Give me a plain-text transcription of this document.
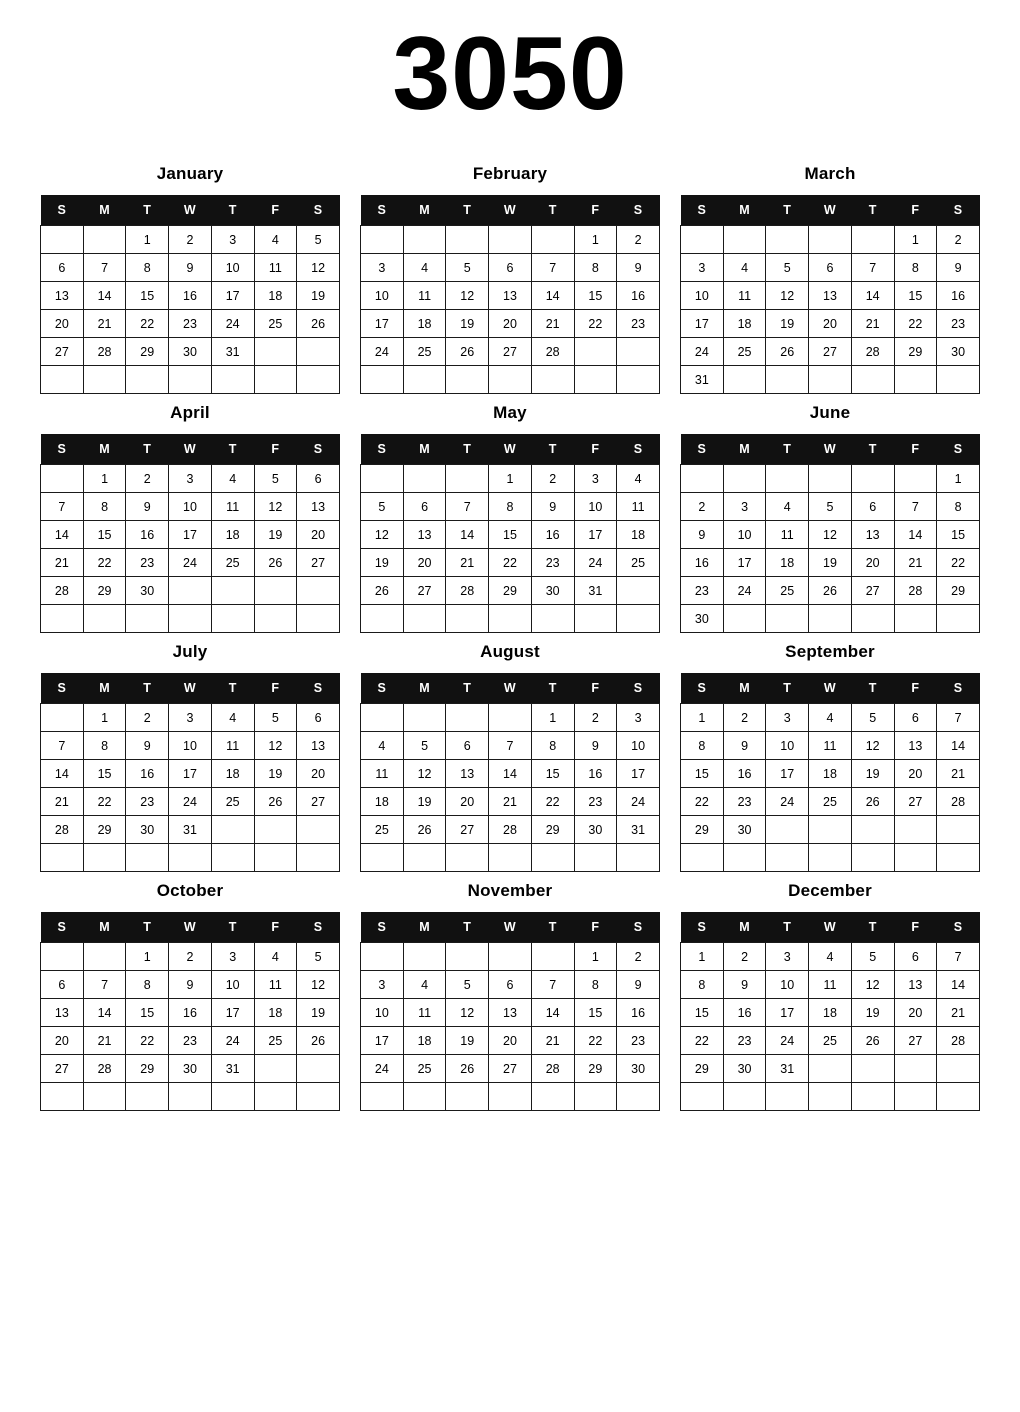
3050
January
S	M	T	W	T	F	S
		1	2	3	4	5
6	7	8	9	10	11	12
13	14	15	16	17	18	19
20	21	22	23	24	25	26
27	28	29	30	31		

February
S	M	T	W	T	F	S
					1	2
3	4	5	6	7	8	9
10	11	12	13	14	15	16
17	18	19	20	21	22	23
24	25	26	27	28		

March
S	M	T	W	T	F	S
					1	2
3	4	5	6	7	8	9
10	11	12	13	14	15	16
17	18	19	20	21	22	23
24	25	26	27	28	29	30
31						
April
S	M	T	W	T	F	S
	1	2	3	4	5	6
7	8	9	10	11	12	13
14	15	16	17	18	19	20
21	22	23	24	25	26	27
28	29	30				

May
S	M	T	W	T	F	S
			1	2	3	4
5	6	7	8	9	10	11
12	13	14	15	16	17	18
19	20	21	22	23	24	25
26	27	28	29	30	31	

June
S	M	T	W	T	F	S
						1
2	3	4	5	6	7	8
9	10	11	12	13	14	15
16	17	18	19	20	21	22
23	24	25	26	27	28	29
30						
July
S	M	T	W	T	F	S
	1	2	3	4	5	6
7	8	9	10	11	12	13
14	15	16	17	18	19	20
21	22	23	24	25	26	27
28	29	30	31			

August
S	M	T	W	T	F	S
				1	2	3
4	5	6	7	8	9	10
11	12	13	14	15	16	17
18	19	20	21	22	23	24
25	26	27	28	29	30	31

September
S	M	T	W	T	F	S
1	2	3	4	5	6	7
8	9	10	11	12	13	14
15	16	17	18	19	20	21
22	23	24	25	26	27	28
29	30					

October
S	M	T	W	T	F	S
		1	2	3	4	5
6	7	8	9	10	11	12
13	14	15	16	17	18	19
20	21	22	23	24	25	26
27	28	29	30	31		

November
S	M	T	W	T	F	S
					1	2
3	4	5	6	7	8	9
10	11	12	13	14	15	16
17	18	19	20	21	22	23
24	25	26	27	28	29	30

December
S	M	T	W	T	F	S
1	2	3	4	5	6	7
8	9	10	11	12	13	14
15	16	17	18	19	20	21
22	23	24	25	26	27	28
29	30	31				
